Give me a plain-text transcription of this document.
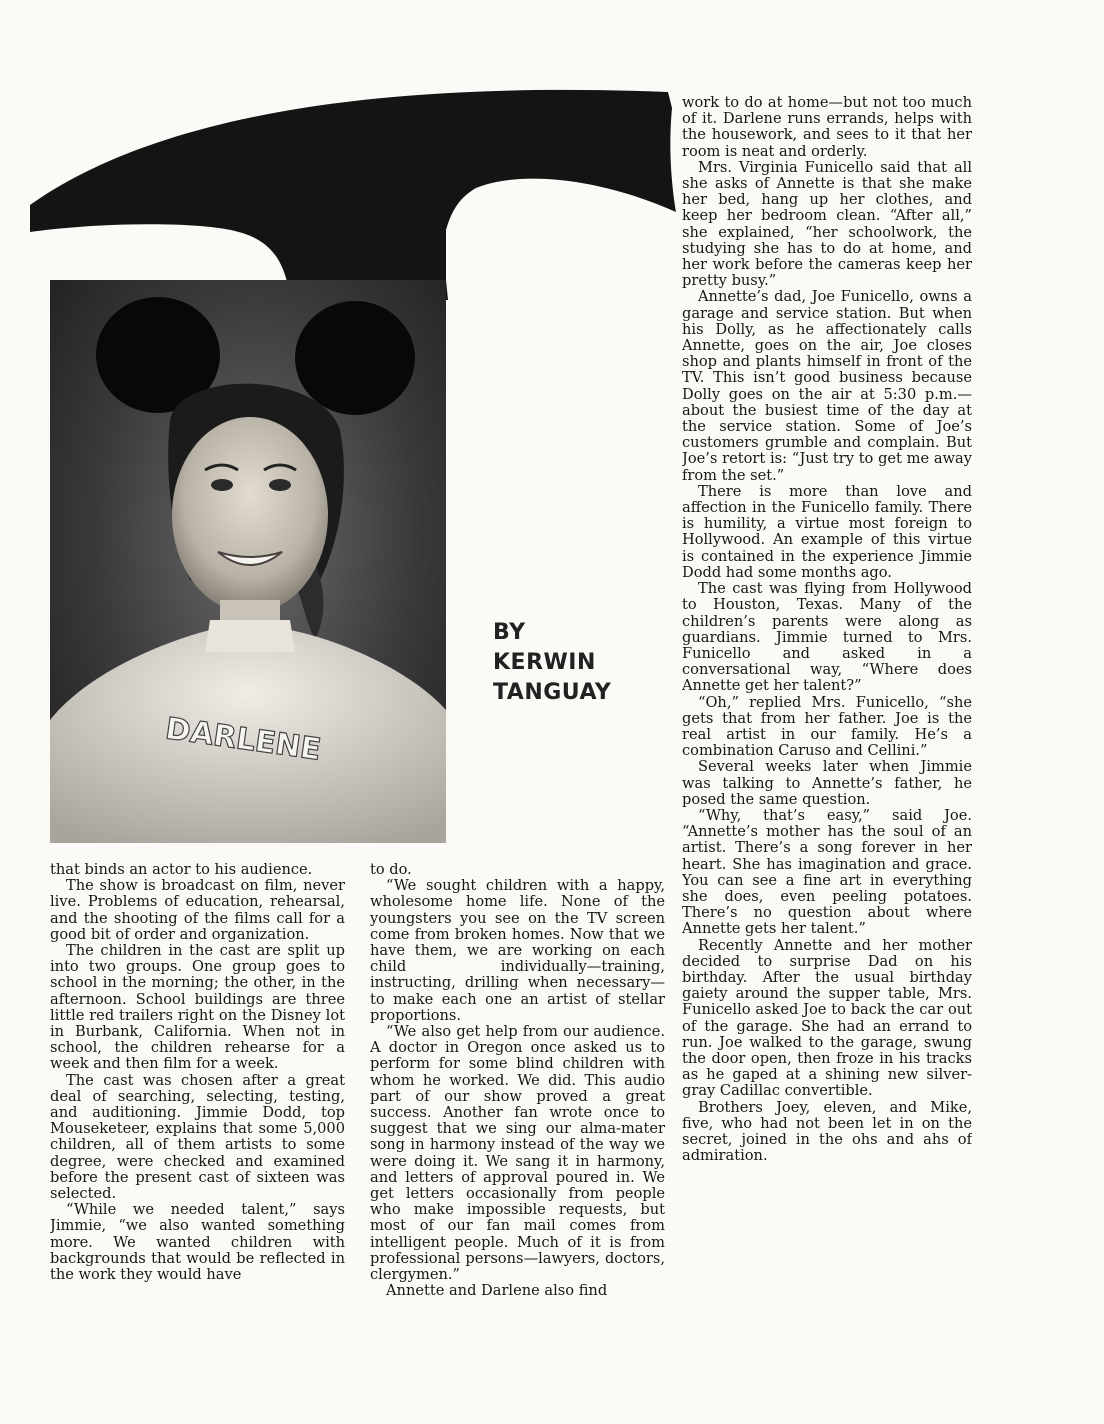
DARLENE
BY
KERWIN
TANGUAY

work to do at home—but not too much of it. Darlene runs errands, helps with the housework, and sees to it that her room is neat and orderly.

Mrs. Virginia Funicello said that all she asks of Annette is that she make her bed, hang up her clothes, and keep her bedroom clean. “After all,” she explained, “her schoolwork, the studying she has to do at home, and her work before the cameras keep her pretty busy.”

Annette’s dad, Joe Funicello, owns a garage and service station. But when his Dolly, as he affectionately calls Annette, goes on the air, Joe closes shop and plants himself in front of the TV. This isn’t good business because Dolly goes on the air at 5:30 p.m.—about the busiest time of the day at the service station. Some of Joe’s customers grumble and complain. But Joe’s retort is: “Just try to get me away from the set.”

There is more than love and affection in the Funicello family. There is humility, a virtue most foreign to Hollywood. An example of this virtue is contained in the experience Jimmie Dodd had some months ago.

The cast was flying from Hollywood to Houston, Texas. Many of the children’s parents were along as guardians. Jimmie turned to Mrs. Funicello and asked in a conversational way, “Where does Annette get her talent?”

“Oh,” replied Mrs. Funicello, “she gets that from her father. Joe is the real artist in our family. He’s a combination Caruso and Cellini.”

Several weeks later when Jimmie was talking to Annette’s father, he posed the same question.

“Why, that’s easy,” said Joe. “Annette’s mother has the soul of an artist. There’s a song forever in her heart. She has imagination and grace. You can see a fine art in everything she does, even peeling potatoes. There’s no question about where Annette gets her talent.”

Recently Annette and her mother decided to surprise Dad on his birthday. After the usual birthday gaiety around the supper table, Mrs. Funicello asked Joe to back the car out of the garage. She had an errand to run. Joe walked to the garage, swung the door open, then froze in his tracks as he gaped at a shining new silver-gray Cadillac convertible.

Brothers Joey, eleven, and Mike, five, who had not been let in on the secret, joined in the ohs and ahs of admiration.

that binds an actor to his audience.

The show is broadcast on film, never live. Problems of education, rehearsal, and the shooting of the films call for a good bit of order and organization.

The children in the cast are split up into two groups. One group goes to school in the morning; the other, in the afternoon. School buildings are three little red trailers right on the Disney lot in Burbank, California. When not in school, the children rehearse for a week and then film for a week.

The cast was chosen after a great deal of searching, selecting, testing, and auditioning. Jimmie Dodd, top Mouseketeer, explains that some 5,000 children, all of them artists to some degree, were checked and examined before the present cast of sixteen was selected.

“While we needed talent,” says Jimmie, “we also wanted something more. We wanted children with backgrounds that would be reflected in the work they would have

to do.

“We sought children with a happy, wholesome home life. None of the youngsters you see on the TV screen come from broken homes. Now that we have them, we are working on each child individually—training, instructing, drilling when necessary—to make each one an artist of stellar proportions.

“We also get help from our audience. A doctor in Oregon once asked us to perform for some blind children with whom he worked. We did. This audio part of our show proved a great success. Another fan wrote once to suggest that we sing our alma-mater song in harmony instead of the way we were doing it. We sang it in harmony, and letters of approval poured in. We get letters occasionally from people who make impossible requests, but most of our fan mail comes from intelligent people. Much of it is from professional persons—lawyers, doctors, clergymen.”

Annette and Darlene also find
